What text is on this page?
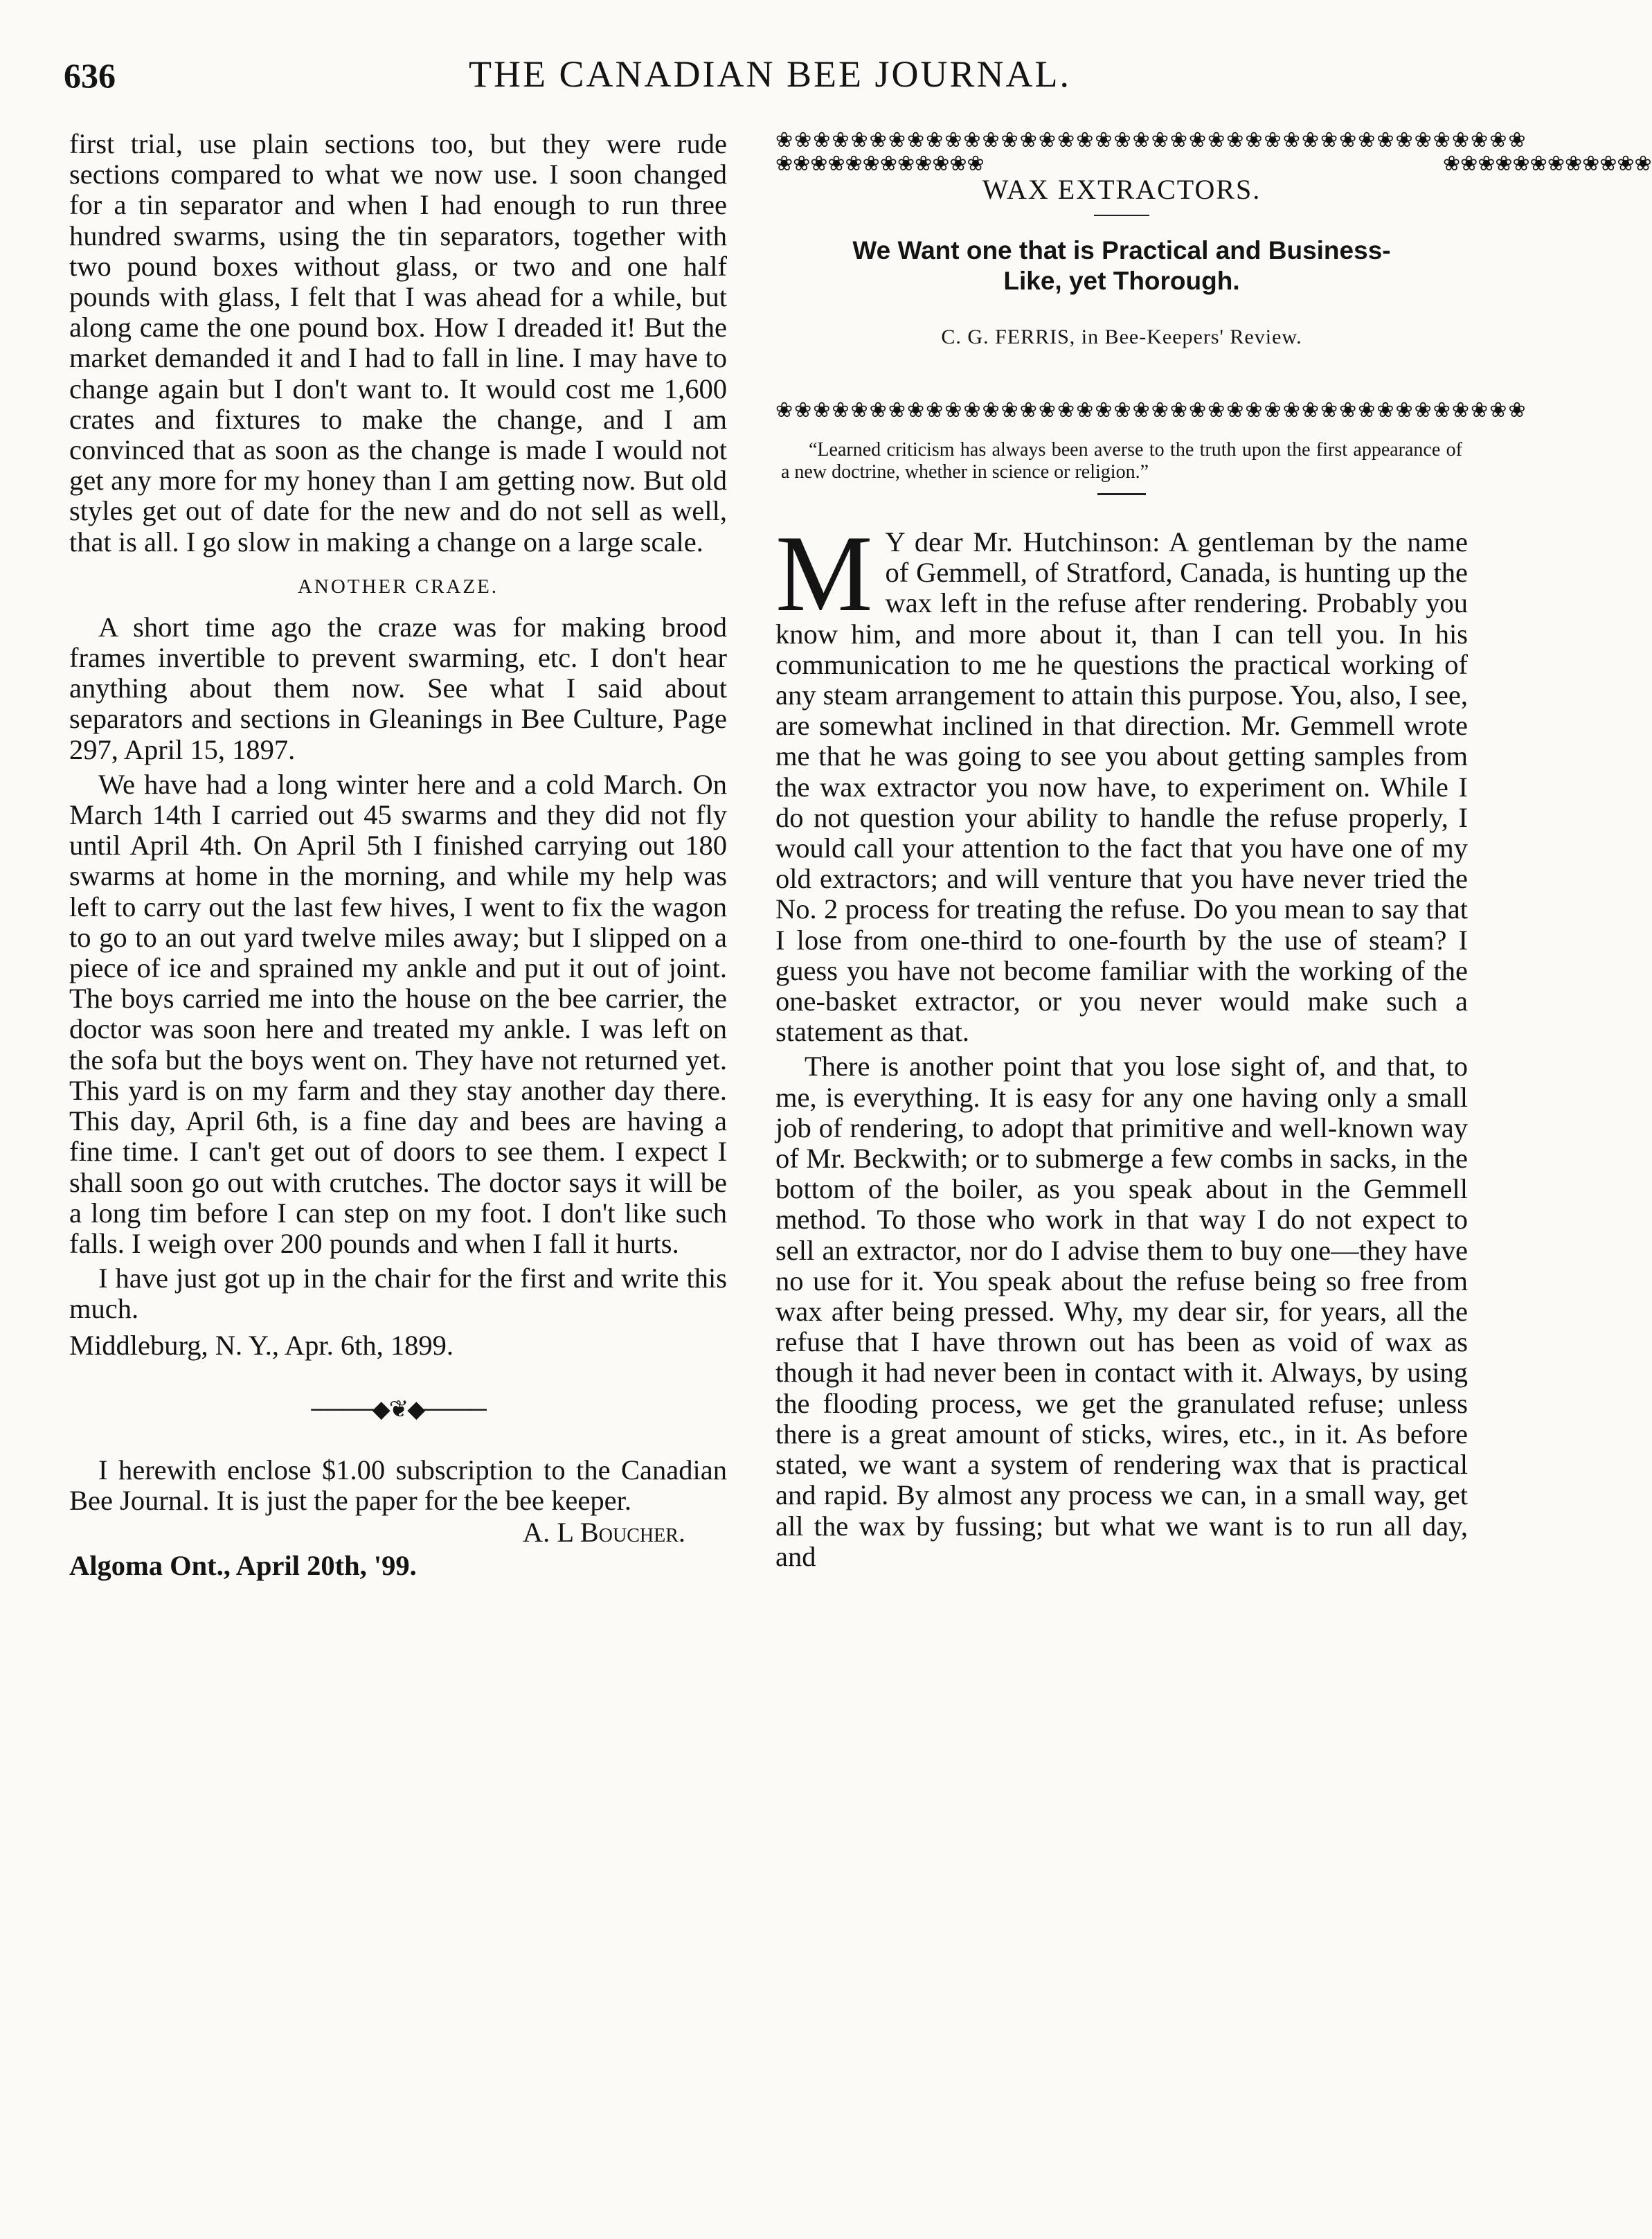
636	THE CANADIAN BEE JOURNAL.

first trial, use plain sections too, but they were rude sections compared to what we now use. I soon changed for a tin separator and when I had enough to run three hundred swarms, using the tin separators, together with two pound boxes without glass, or two and one half pounds with glass, I felt that I was ahead for a while, but along came the one pound box. How I dreaded it! But the market demanded it and I had to fall in line. I may have to change again but I don't want to. It would cost me 1,600 crates and fixtures to make the change, and I am convinced that as soon as the change is made I would not get any more for my honey than I am getting now. But old styles get out of date for the new and do not sell as well, that is all. I go slow in making a change on a large scale.

ANOTHER CRAZE.

A short time ago the craze was for making brood frames invertible to prevent swarming, etc. I don't hear anything about them now. See what I said about separators and sections in Gleanings in Bee Culture, Page 297, April 15, 1897.

We have had a long winter here and a cold March. On March 14th I carried out 45 swarms and they did not fly until April 4th. On April 5th I finished carrying out 180 swarms at home in the morning, and while my help was left to carry out the last few hives, I went to fix the wagon to go to an out yard twelve miles away; but I slipped on a piece of ice and sprained my ankle and put it out of joint. The boys carried me into the house on the bee carrier, the doctor was soon here and treated my ankle. I was left on the sofa but the boys went on. They have not returned yet. This yard is on my farm and they stay another day there. This day, April 6th, is a fine day and bees are having a fine time. I can't get out of doors to see them. I expect I shall soon go out with crutches. The doctor says it will be a long tim before I can step on my foot. I don't like such falls. I weigh over 200 pounds and when I fall it hurts.

I have just got up in the chair for the first and write this much.

Middleburg, N. Y., Apr. 6th, 1899.
────◆❦◆────

I herewith enclose $1.00 subscription to the Canadian Bee Journal. It is just the paper for the bee keeper.

A. L Boucher.
Algoma Ont., April 20th, '99.
❀❀❀❀❀❀❀❀❀❀❀❀❀❀❀❀❀❀❀❀❀❀❀❀❀❀❀❀❀❀❀❀❀❀❀❀❀❀❀❀
❀❀❀❀❀❀❀❀❀❀❀❀❀❀❀❀❀❀❀❀❀❀❀❀❀❀❀❀❀❀❀❀❀❀❀❀❀❀❀❀
❀❀❀❀❀❀❀❀❀❀❀❀	❀❀❀❀❀❀❀❀❀❀❀❀
WAX EXTRACTORS.
We Want one that is Practical and Business-Like, yet Thorough.
C. G. FERRIS, in Bee-Keepers' Review.
“Learned criticism has always been averse to the truth upon the first appearance of a new doctrine, whether in science or religion.”

M Y dear Mr. Hutchinson: A gentleman by the name of Gemmell, of Stratford, Canada, is hunting up the wax left in the refuse after rendering. Probably you know him, and more about it, than I can tell you. In his communication to me he questions the practical working of any steam arrangement to attain this purpose. You, also, I see, are somewhat inclined in that direction. Mr. Gemmell wrote me that he was going to see you about getting samples from the wax extractor you now have, to experiment on. While I do not question your ability to handle the refuse properly, I would call your attention to the fact that you have one of my old extractors; and will venture that you have never tried the No. 2 process for treating the refuse. Do you mean to say that I lose from one-third to one-fourth by the use of steam? I guess you have not become familiar with the working of the one-basket extractor, or you never would make such a statement as that.

There is another point that you lose sight of, and that, to me, is everything. It is easy for any one having only a small job of rendering, to adopt that primitive and well-known way of Mr. Beckwith; or to submerge a few combs in sacks, in the bottom of the boiler, as you speak about in the Gemmell method. To those who work in that way I do not expect to sell an extractor, nor do I advise them to buy one—they have no use for it. You speak about the refuse being so free from wax after being pressed. Why, my dear sir, for years, all the refuse that I have thrown out has been as void of wax as though it had never been in contact with it. Always, by using the flooding process, we get the granulated refuse; unless there is a great amount of sticks, wires, etc., in it. As before stated, we want a system of rendering wax that is practical and rapid. By almost any process we can, in a small way, get all the wax by fussing; but what we want is to run all day, and
